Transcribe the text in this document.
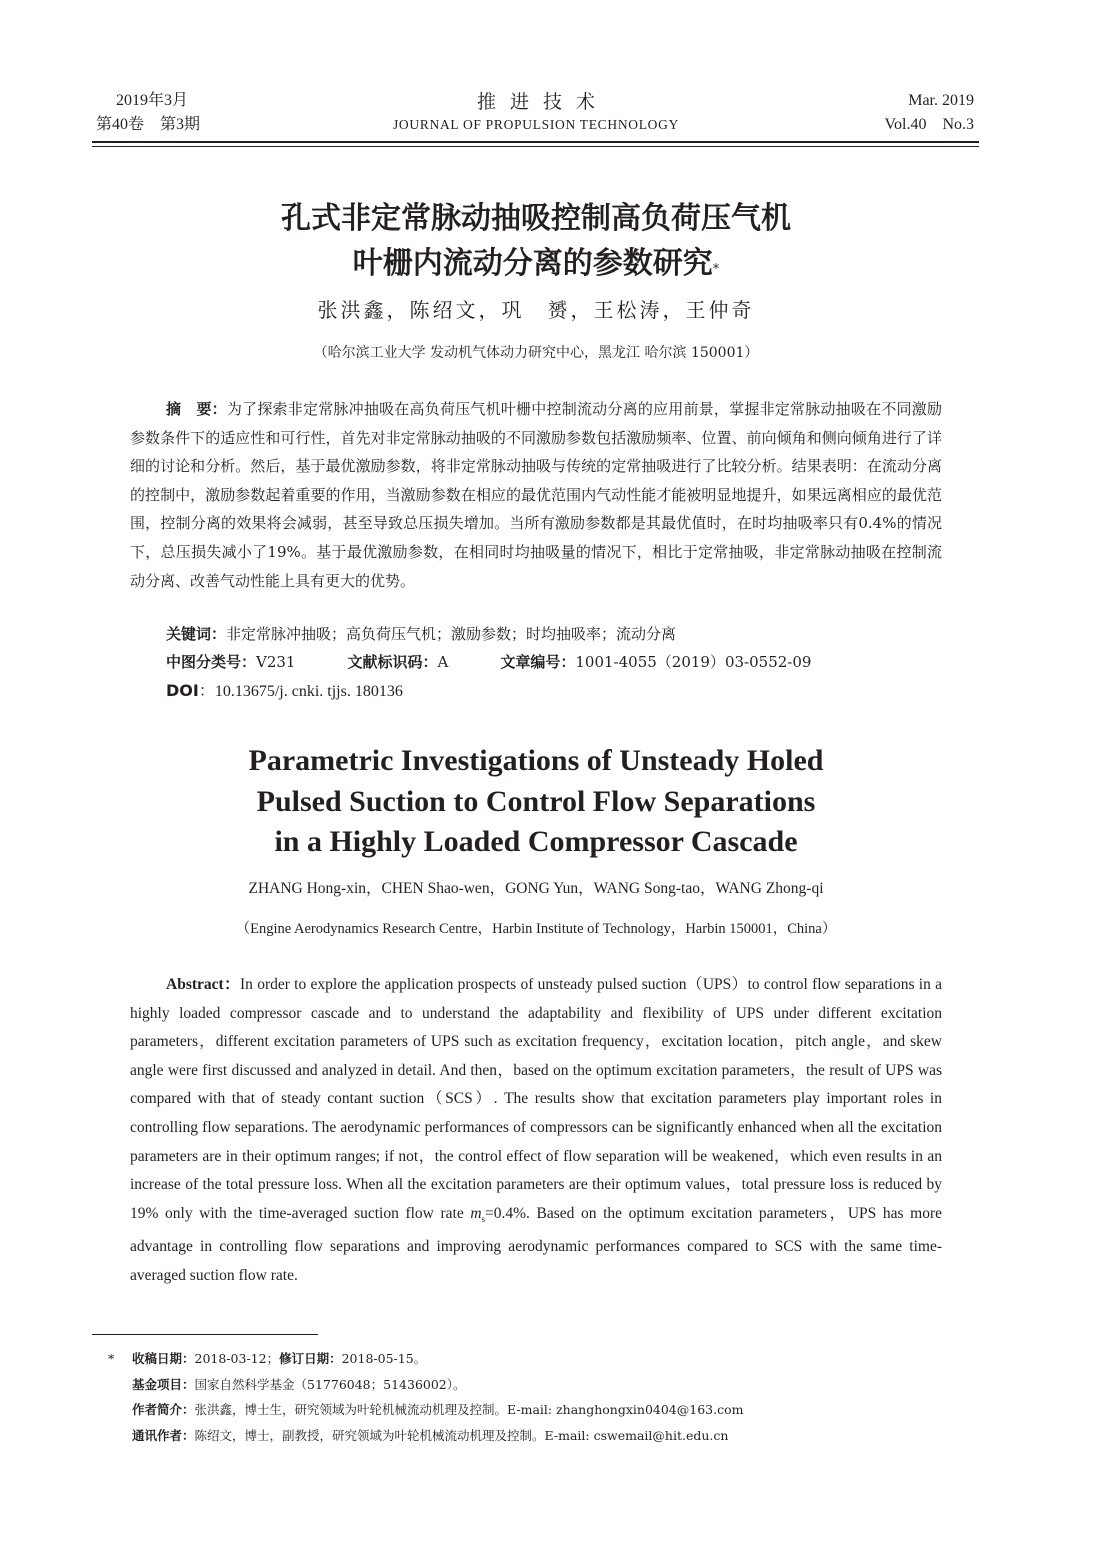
2019年3月
第40卷　第3期
推进技术
JOURNAL OF PROPULSION TECHNOLOGY
Mar. 2019
Vol.40　No.3
孔式非定常脉动抽吸控制高负荷压气机
叶栅内流动分离的参数研究*
张洪鑫，陈绍文，巩　赟，王松涛，王仲奇
（哈尔滨工业大学 发动机气体动力研究中心，黑龙江 哈尔滨 150001）
摘　要：为了探索非定常脉冲抽吸在高负荷压气机叶栅中控制流动分离的应用前景，掌握非定常脉动抽吸在不同激励参数条件下的适应性和可行性，首先对非定常脉动抽吸的不同激励参数包括激励频率、位置、前向倾角和侧向倾角进行了详细的讨论和分析。然后，基于最优激励参数，将非定常脉动抽吸与传统的定常抽吸进行了比较分析。结果表明：在流动分离的控制中，激励参数起着重要的作用，当激励参数在相应的最优范围内气动性能才能被明显地提升，如果远离相应的最优范围，控制分离的效果将会减弱，甚至导致总压损失增加。当所有激励参数都是其最优值时，在时均抽吸率只有0.4%的情况下，总压损失减小了19%。基于最优激励参数，在相同时均抽吸量的情况下，相比于定常抽吸，非定常脉动抽吸在控制流动分离、改善气动性能上具有更大的优势。
关键词：非定常脉冲抽吸；高负荷压气机；激励参数；时均抽吸率；流动分离
中图分类号：V231	文献标识码：A	文章编号：1001-4055（2019）03-0552-09
DOI：10.13675/j. cnki. tjjs. 180136
Parametric Investigations of Unsteady Holed
Pulsed Suction to Control Flow Separations
in a Highly Loaded Compressor Cascade
ZHANG Hong-xin，CHEN Shao-wen，GONG Yun，WANG Song-tao，WANG Zhong-qi
（Engine Aerodynamics Research Centre，Harbin Institute of Technology，Harbin 150001，China）
Abstract：In order to explore the application prospects of unsteady pulsed suction（UPS）to control flow separations in a highly loaded compressor cascade and to understand the adaptability and flexibility of UPS under different excitation parameters，different excitation parameters of UPS such as excitation frequency，excitation location，pitch angle，and skew angle were first discussed and analyzed in detail. And then，based on the optimum excitation parameters，the result of UPS was compared with that of steady contant suction（SCS）. The results show that excitation parameters play important roles in controlling flow separations. The aerodynamic performances of compressors can be significantly enhanced when all the excitation parameters are in their optimum ranges; if not，the control effect of flow separation will be weakened，which even results in an increase of the total pressure loss. When all the excitation parameters are their optimum values，total pressure loss is reduced by 19% only with the time-averaged suction flow rate $m_s=0.4\%$. Based on the optimum excitation parameters，UPS has more advantage in controlling flow separations and improving aerodynamic performances compared to SCS with the same time-averaged suction flow rate.
* 收稿日期：2018-03-12；修订日期：2018-05-15。
基金项目：国家自然科学基金（51776048；51436002）。
作者简介：张洪鑫，博士生，研究领域为叶轮机械流动机理及控制。E-mail: zhanghongxin0404@163.com
通讯作者：陈绍文，博士，副教授，研究领域为叶轮机械流动机理及控制。E-mail: cswemail@hit.edu.cn
